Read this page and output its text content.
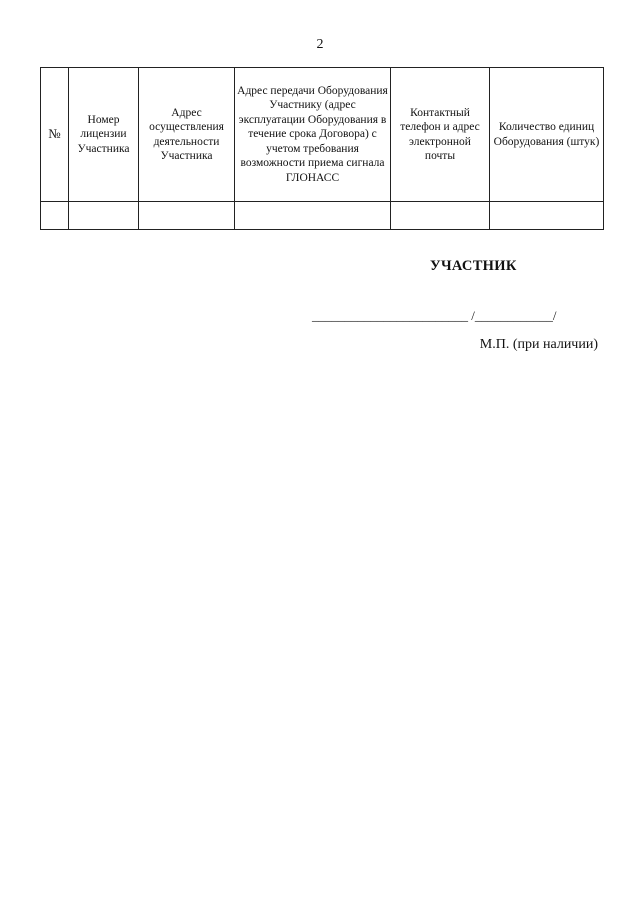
2
№	Номер лицензии Участника	Адрес осуществления деятельности Участника	Адрес передачи Оборудования Участнику (адрес эксплуатации Оборудования в течение срока Договора) с учетом требования возможности приема сигнала ГЛОНАСС	Контактный телефон и адрес электронной почты	Количество единиц Оборудования (штук)

УЧАСТНИК
________________________ /____________/
М.П. (при наличии)
